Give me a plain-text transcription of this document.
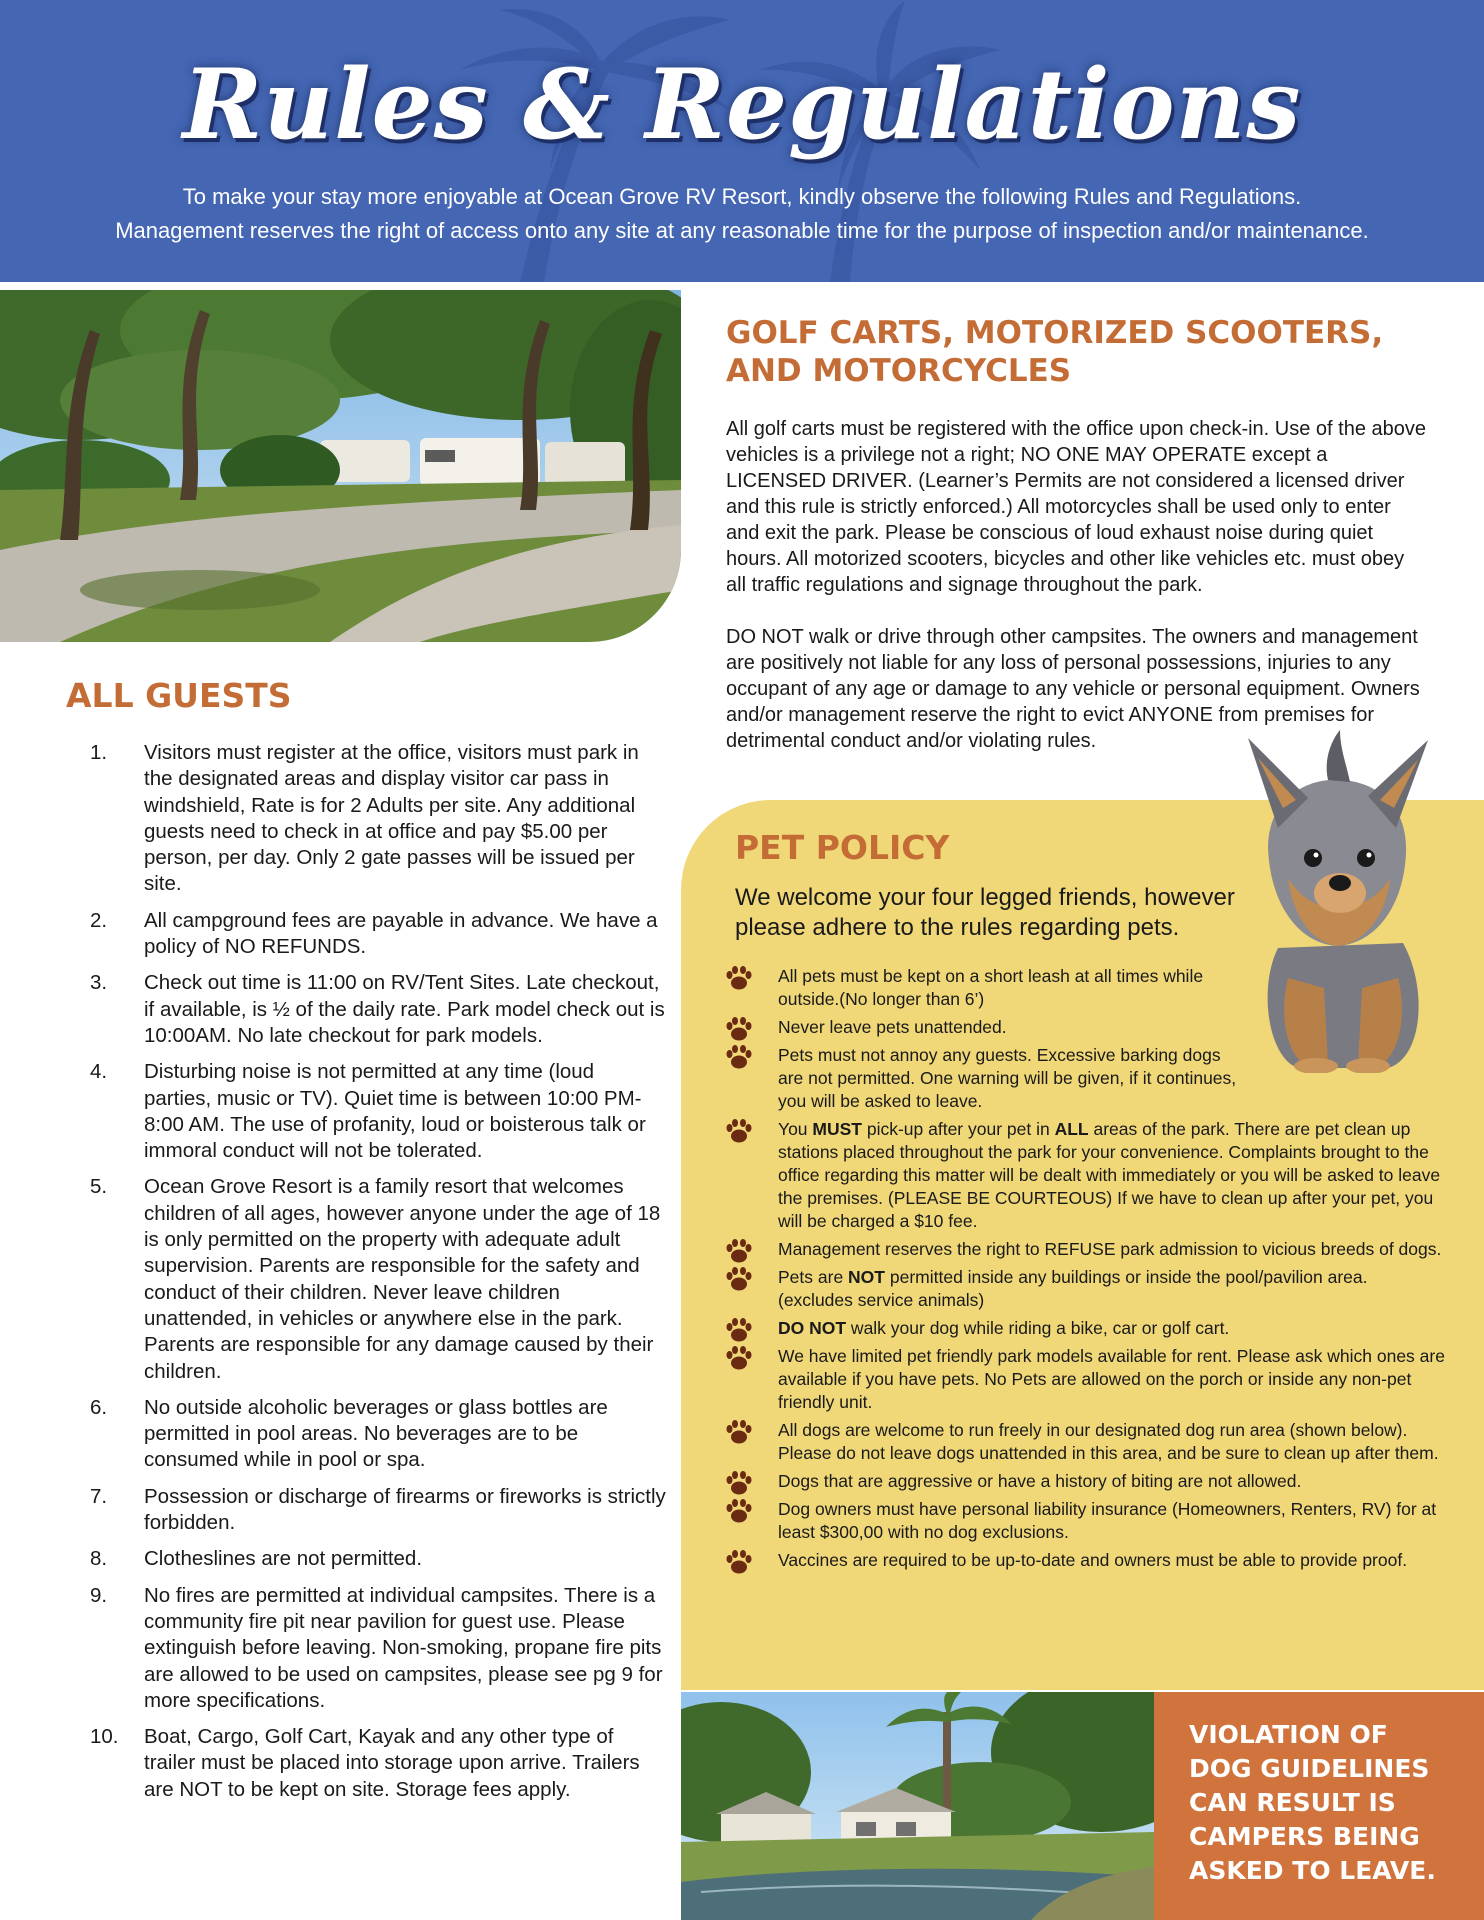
Rules & Regulations
To make your stay more enjoyable at Ocean Grove RV Resort, kindly observe the following Rules and Regulations.
Management reserves the right of access onto any site at any reasonable time for the purpose of inspection and/or maintenance.
GOLF CARTS, MOTORIZED SCOOTERS, AND MOTORCYCLES

All golf carts must be registered with the office upon check-in. Use of the above vehicles is a privilege not a right; NO ONE MAY OPERATE except a LICENSED DRIVER. (Learner’s Permits are not considered a licensed driver and this rule is strictly enforced.) All motorcycles shall be used only to enter and exit the park. Please be conscious of loud exhaust noise during quiet hours. All motorized scooters, bicycles and other like vehicles etc. must obey all traffic regulations and signage throughout the park.

DO NOT walk or drive through other campsites. The owners and management are positively not liable for any loss of personal possessions, injuries to any occupant of any age or damage to any vehicle or personal equipment. Owners and/or management reserve the right to evict ANYONE from premises for detrimental conduct and/or violating rules.

ALL GUESTS
1. Visitors must register at the office, visitors must park in the designated areas and display visitor car pass in windshield, Rate is for 2 Adults per site. Any additional guests need to check in at office and pay $5.00 per person, per day. Only 2 gate passes will be issued per site.
2. All campground fees are payable in advance. We have a policy of NO REFUNDS.
3. Check out time is 11:00 on RV/Tent Sites. Late checkout, if available, is ½ of the daily rate. Park model check out is 10:00AM. No late checkout for park models.
4. Disturbing noise is not permitted at any time (loud parties, music or TV). Quiet time is between 10:00 PM-8:00 AM. The use of profanity, loud or boisterous talk or immoral conduct will not be tolerated.
5. Ocean Grove Resort is a family resort that welcomes children of all ages, however anyone under the age of 18 is only permitted on the property with adequate adult supervision. Parents are responsible for the safety and conduct of their children. Never leave children unattended, in vehicles or anywhere else in the park. Parents are responsible for any damage caused by their children.
6. No outside alcoholic beverages or glass bottles are permitted in pool areas. No beverages are to be consumed while in pool or spa.
7. Possession or discharge of firearms or fireworks is strictly forbidden.
8. Clotheslines are not permitted.
9. No fires are permitted at individual campsites. There is a community fire pit near pavilion for guest use. Please extinguish before leaving. Non-smoking, propane fire pits are allowed to be used on campsites, please see pg 9 for more specifications.
10. Boat, Cargo, Golf Cart, Kayak and any other type of trailer must be placed into storage upon arrive. Trailers are NOT to be kept on site. Storage fees apply.
PET POLICY
We welcome your four legged friends, however please adhere to the rules regarding pets.
All pets must be kept on a short leash at all times while outside.(No longer than 6’)
Never leave pets unattended.
Pets must not annoy any guests. Excessive barking dogs are not permitted. One warning will be given, if it continues, you will be asked to leave.
You MUST pick-up after your pet in ALL areas of the park. There are pet clean up stations placed throughout the park for your convenience. Complaints brought to the office regarding this matter will be dealt with immediately or you will be asked to leave the premises. (PLEASE BE COURTEOUS) If we have to clean up after your pet, you will be charged a $10 fee.
Management reserves the right to REFUSE park admission to vicious breeds of dogs.
Pets are NOT permitted inside any buildings or inside the pool/pavilion area. (excludes service animals)
DO NOT walk your dog while riding a bike, car or golf cart.
We have limited pet friendly park models available for rent. Please ask which ones are available if you have pets. No Pets are allowed on the porch or inside any non-pet friendly unit.
All dogs are welcome to run freely in our designated dog run area (shown below). Please do not leave dogs unattended in this area, and be sure to clean up after them.
Dogs that are aggressive or have a history of biting are not allowed.
Dog owners must have personal liability insurance (Homeowners, Renters, RV) for at least $300,00 with no dog exclusions.
Vaccines are required to be up-to-date and owners must be able to provide proof.
VIOLATION OF
DOG GUIDELINES
CAN RESULT IS
CAMPERS BEING
ASKED TO LEAVE.
